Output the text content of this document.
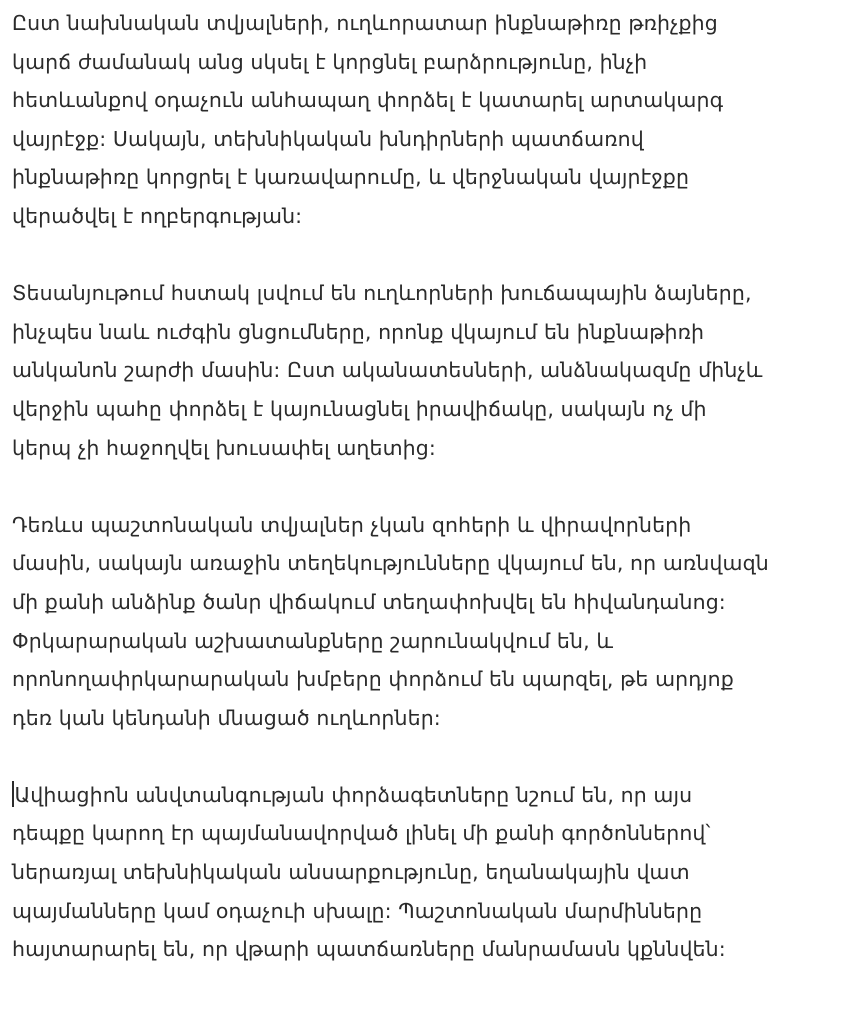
Ըստ նախնական տվյալների, ուղևորատար ինքնաթիռը թռիչքից
կարճ ժամանակ անց սկսել է կորցնել բարձրությունը, ինչի
հետևանքով օդաչուն անհապաղ փորձել է կատարել արտակարգ
վայրէջք: Սակայն, տեխնիկական խնդիրների պատճառով
ինքնաթիռը կորցրել է կառավարումը, և վերջնական վայրէջքը
վերածվել է ողբերգության:

Տեսանյութում հստակ լսվում են ուղևորների խուճապային ձայները,
ինչպես նաև ուժգին ցնցումները, որոնք վկայում են ինքնաթիռի
անկանոն շարժի մասին: Ըստ ականատեսների, անձնակազմը մինչև
վերջին պահը փորձել է կայունացնել իրավիճակը, սակայն ոչ մի
կերպ չի հաջողվել խուսափել աղետից:

Դեռևս պաշտոնական տվյալներ չկան զոհերի և վիրավորների
մասին, սակայն առաջին տեղեկությունները վկայում են, որ առնվազն
մի քանի անձինք ծանր վիճակում տեղափոխվել են հիվանդանոց:
Փրկարարական աշխատանքները շարունակվում են, և
որոնողափրկարարական խմբերը փորձում են պարզել, թե արդյոք
դեռ կան կենդանի մնացած ուղևորներ:

Ավիացիոն անվտանգության փորձագետները նշում են, որ այս
դեպքը կարող էր պայմանավորված լինել մի քանի գործոններով՝
ներառյալ տեխնիկական անսարքությունը, եղանակային վատ
պայմանները կամ օդաչուի սխալը: Պաշտոնական մարմինները
հայտարարել են, որ վթարի պատճառները մանրամասն կքննվեն:
